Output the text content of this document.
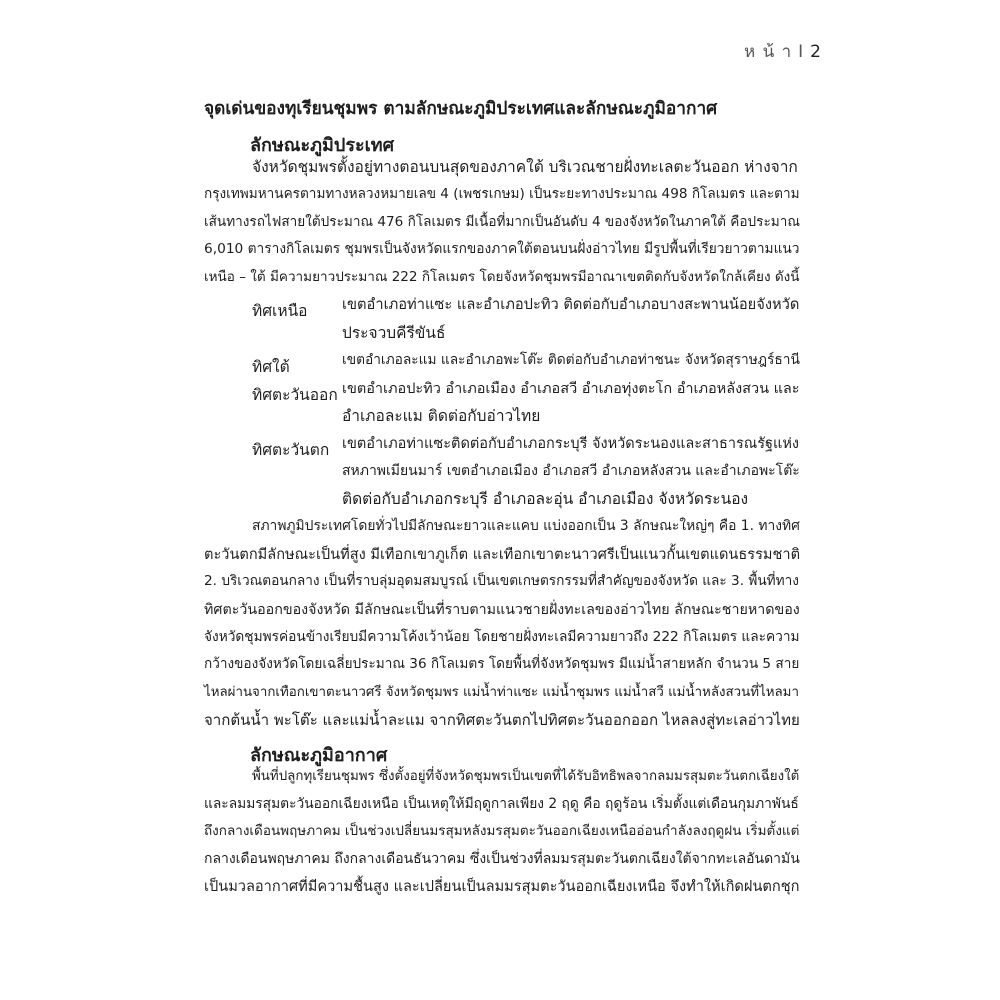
ห น้ า I 2
จุดเด่นของทุเรียนชุมพร ตามลักษณะภูมิประเทศและลักษณะภูมิอากาศ
ลักษณะภูมิประเทศ
จังหวัดชุมพรตั้งอยู่ทางตอนบนสุดของภาคใต้ บริเวณชายฝั่งทะเลตะวันออก ห่างจาก
กรุงเทพมหานครตามทางหลวงหมายเลข 4 (เพชรเกษม) เป็นระยะทางประมาณ 498 กิโลเมตร และตาม
เส้นทางรถไฟสายใต้ประมาณ 476 กิโลเมตร มีเนื้อที่มากเป็นอันดับ 4 ของจังหวัดในภาคใต้ คือประมาณ
6,010 ตารางกิโลเมตร ชุมพรเป็นจังหวัดแรกของภาคใต้ตอนบนฝั่งอ่าวไทย มีรูปพื้นที่เรียวยาวตามแนว
เหนือ – ใต้ มีความยาวประมาณ 222 กิโลเมตร โดยจังหวัดชุมพรมีอาณาเขตติดกับจังหวัดใกล้เคียง ดังนี้
ทิศเหนือ เขตอำเภอท่าแซะ และอำเภอปะทิว ติดต่อกับอำเภอบางสะพานน้อยจังหวัด
ประจวบคีรีขันธ์
ทิศใต้	เขตอำเภอละแม และอำเภอพะโต๊ะ ติดต่อกับอำเภอท่าชนะ จังหวัดสุราษฎร์ธานี
ทิศตะวันออก เขตอำเภอปะทิว อำเภอเมือง อำเภอสวี อำเภอทุ่งตะโก อำเภอหลังสวน และ
อำเภอละแม ติดต่อกับอ่าวไทย
ทิศตะวันตก เขตอำเภอท่าแซะติดต่อกับอำเภอกระบุรี จังหวัดระนองและสาธารณรัฐแห่ง
สหภาพเมียนมาร์ เขตอำเภอเมือง อำเภอสวี อำเภอหลังสวน และอำเภอพะโต๊ะ
ติดต่อกับอำเภอกระบุรี อำเภอละอุ่น อำเภอเมือง จังหวัดระนอง
สภาพภูมิประเทศโดยทั่วไปมีลักษณะยาวและแคบ แบ่งออกเป็น 3 ลักษณะใหญ่ๆ คือ 1. ทางทิศ
ตะวันตกมีลักษณะเป็นที่สูง มีเทือกเขาภูเก็ต และเทือกเขาตะนาวศรีเป็นแนวกั้นเขตแดนธรรมชาติ
2. บริเวณตอนกลาง เป็นที่ราบลุ่มอุดมสมบูรณ์ เป็นเขตเกษตรกรรมที่สำคัญของจังหวัด และ 3. พื้นที่ทาง
ทิศตะวันออกของจังหวัด มีลักษณะเป็นที่ราบตามแนวชายฝั่งทะเลของอ่าวไทย ลักษณะชายหาดของ
จังหวัดชุมพรค่อนข้างเรียบมีความโค้งเว้าน้อย โดยชายฝั่งทะเลมีความยาวถึง 222 กิโลเมตร และความ
กว้างของจังหวัดโดยเฉลี่ยประมาณ 36 กิโลเมตร โดยพื้นที่จังหวัดชุมพร มีแม่น้ำสายหลัก จำนวน 5 สาย
ไหลผ่านจากเทือกเขาตะนาวศรี จังหวัดชุมพร แม่น้ำท่าแซะ แม่น้ำชุมพร แม่น้ำสวี แม่น้ำหลังสวนที่ไหลมา
จากต้นน้ำ พะโต๊ะ และแม่น้ำละแม จากทิศตะวันตกไปทิศตะวันออกออก ไหลลงสู่ทะเลอ่าวไทย
ลักษณะภูมิอากาศ
พื้นที่ปลูกทุเรียนชุมพร ซึ่งตั้งอยู่ที่จังหวัดชุมพรเป็นเขตที่ได้รับอิทธิพลจากลมมรสุมตะวันตกเฉียงใต้
และลมมรสุมตะวันออกเฉียงเหนือ เป็นเหตุให้มีฤดูกาลเพียง 2 ฤดู คือ ฤดูร้อน เริ่มตั้งแต่เดือนกุมภาพันธ์
ถึงกลางเดือนพฤษภาคม เป็นช่วงเปลี่ยนมรสุมหลังมรสุมตะวันออกเฉียงเหนืออ่อนกำลังลงฤดูฝน เริ่มตั้งแต่
กลางเดือนพฤษภาคม ถึงกลางเดือนธันวาคม ซึ่งเป็นช่วงที่ลมมรสุมตะวันตกเฉียงใต้จากทะเลอันดามัน
เป็นมวลอากาศที่มีความชื้นสูง และเปลี่ยนเป็นลมมรสุมตะวันออกเฉียงเหนือ จึงทำให้เกิดฝนตกชุก
